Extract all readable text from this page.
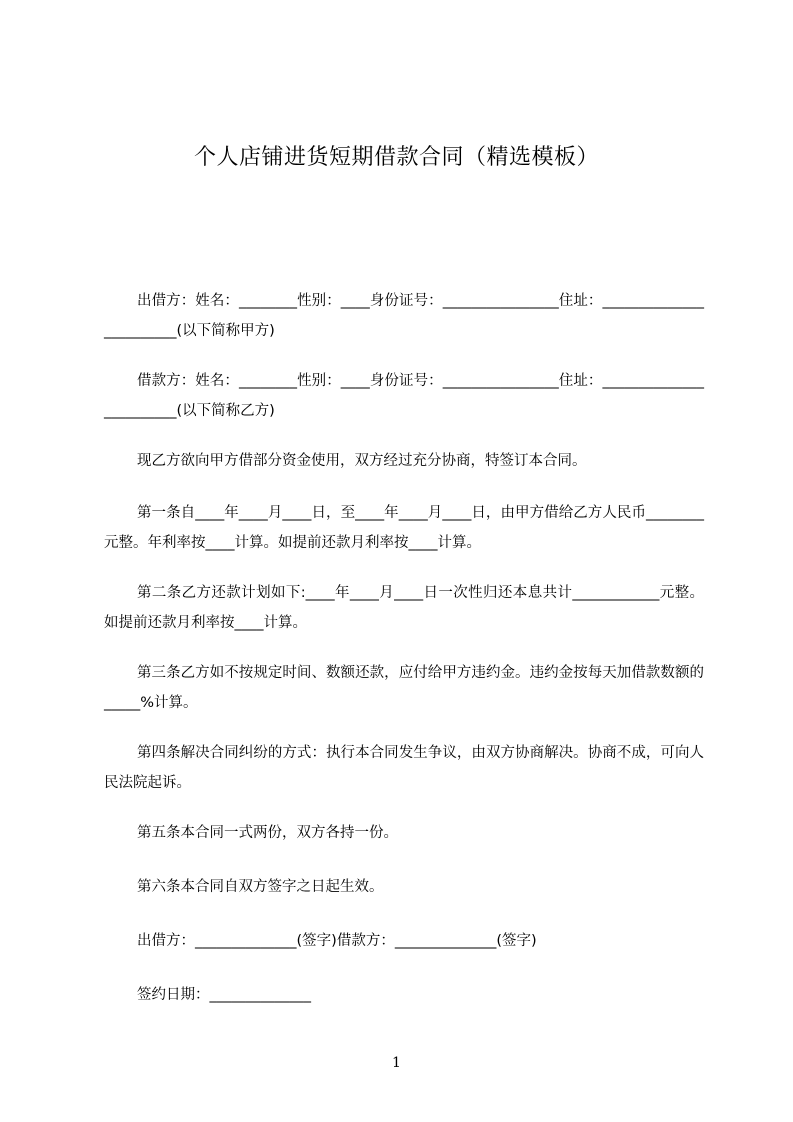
个人店铺进货短期借款合同（精选模板）
出借方：姓名：________性别：____身份证号：________________住址：________________________(以下简称甲方)
借款方：姓名：________性别：____身份证号：________________住址：________________________(以下简称乙方)
现乙方欲向甲方借部分资金使用，双方经过充分协商，特签订本合同。
第一条自____年____月____日，至____年____月____日，由甲方借给乙方人民币________元整。年利率按____计算。如提前还款月利率按____计算。
第二条乙方还款计划如下:____年____月____日一次性归还本息共计____________元整。如提前还款月利率按____计算。
第三条乙方如不按规定时间、数额还款，应付给甲方违约金。违约金按每天加借款数额的_____%计算。
第四条解决合同纠纷的方式：执行本合同发生争议，由双方协商解决。协商不成，可向人民法院起诉。
第五条本合同一式两份，双方各持一份。
第六条本合同自双方签字之日起生效。
出借方：______________(签字)借款方：______________(签字)
签约日期：______________
1
